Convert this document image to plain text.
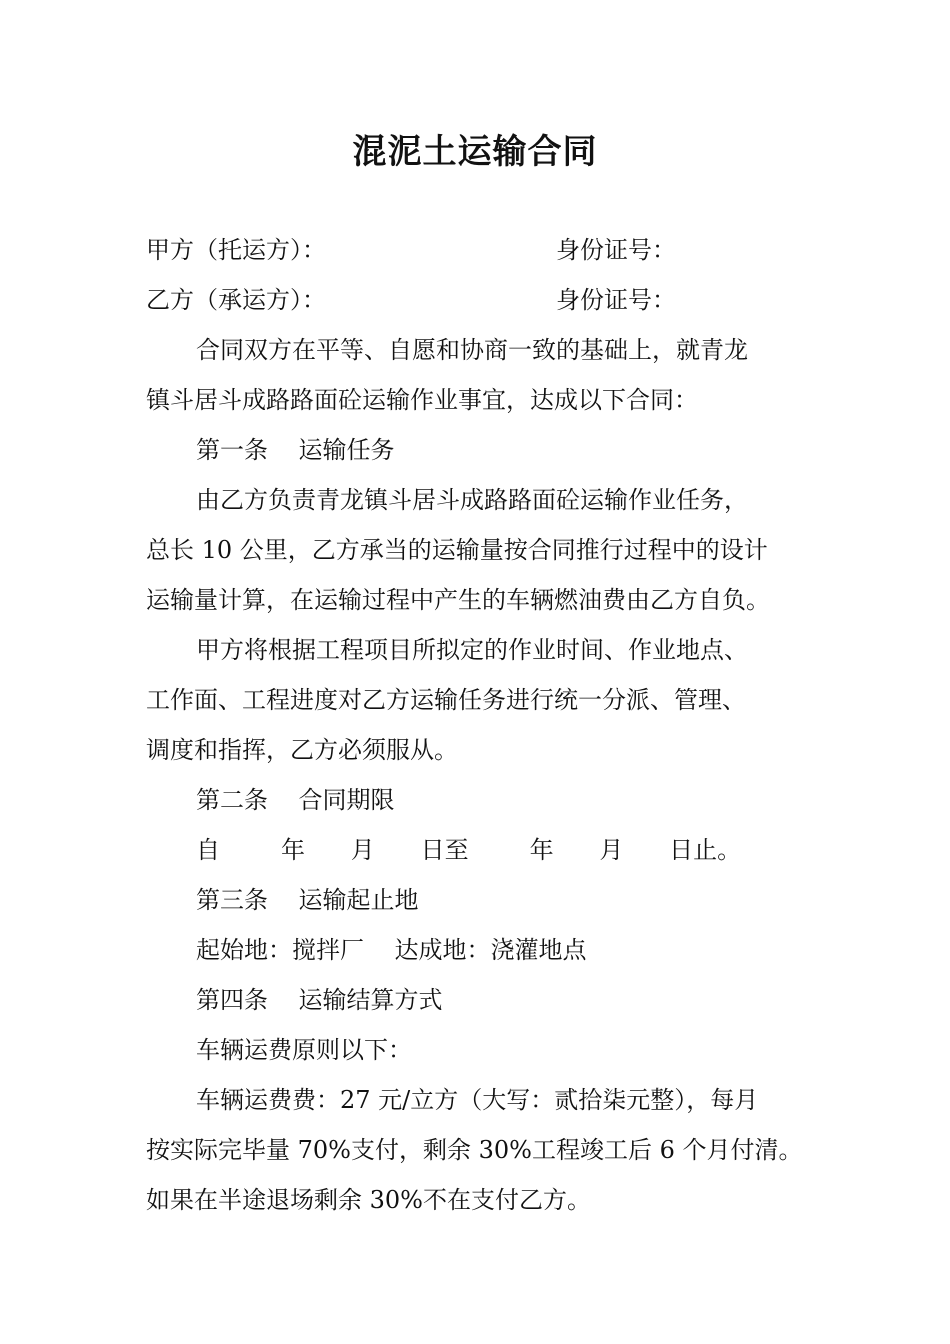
混泥土运输合同
甲方（托运方）：	身份证号：
乙方（承运方）：	身份证号：
合同双方在平等、自愿和协商一致的基础上，就青龙
镇斗居斗成路路面砼运输作业事宜，达成以下合同：
第一条    运输任务
由乙方负责青龙镇斗居斗成路路面砼运输作业任务，
总长 10 公里，乙方承当的运输量按合同推行过程中的设计
运输量计算，在运输过程中产生的车辆燃油费由乙方自负。
甲方将根据工程项目所拟定的作业时间、作业地点、
工作面、工程进度对乙方运输任务进行统一分派、管理、
调度和指挥，乙方必须服从。
第二条    合同期限
自        年      月      日至        年      月      日止。
第三条    运输起止地
起始地：搅拌厂    达成地：浇灌地点
第四条    运输结算方式
车辆运费原则以下：
车辆运费费：27 元/立方（大写：贰拾柒元整），每月
按实际完毕量 70%支付，剩余 30%工程竣工后 6 个月付清。
如果在半途退场剩余 30%不在支付乙方。
